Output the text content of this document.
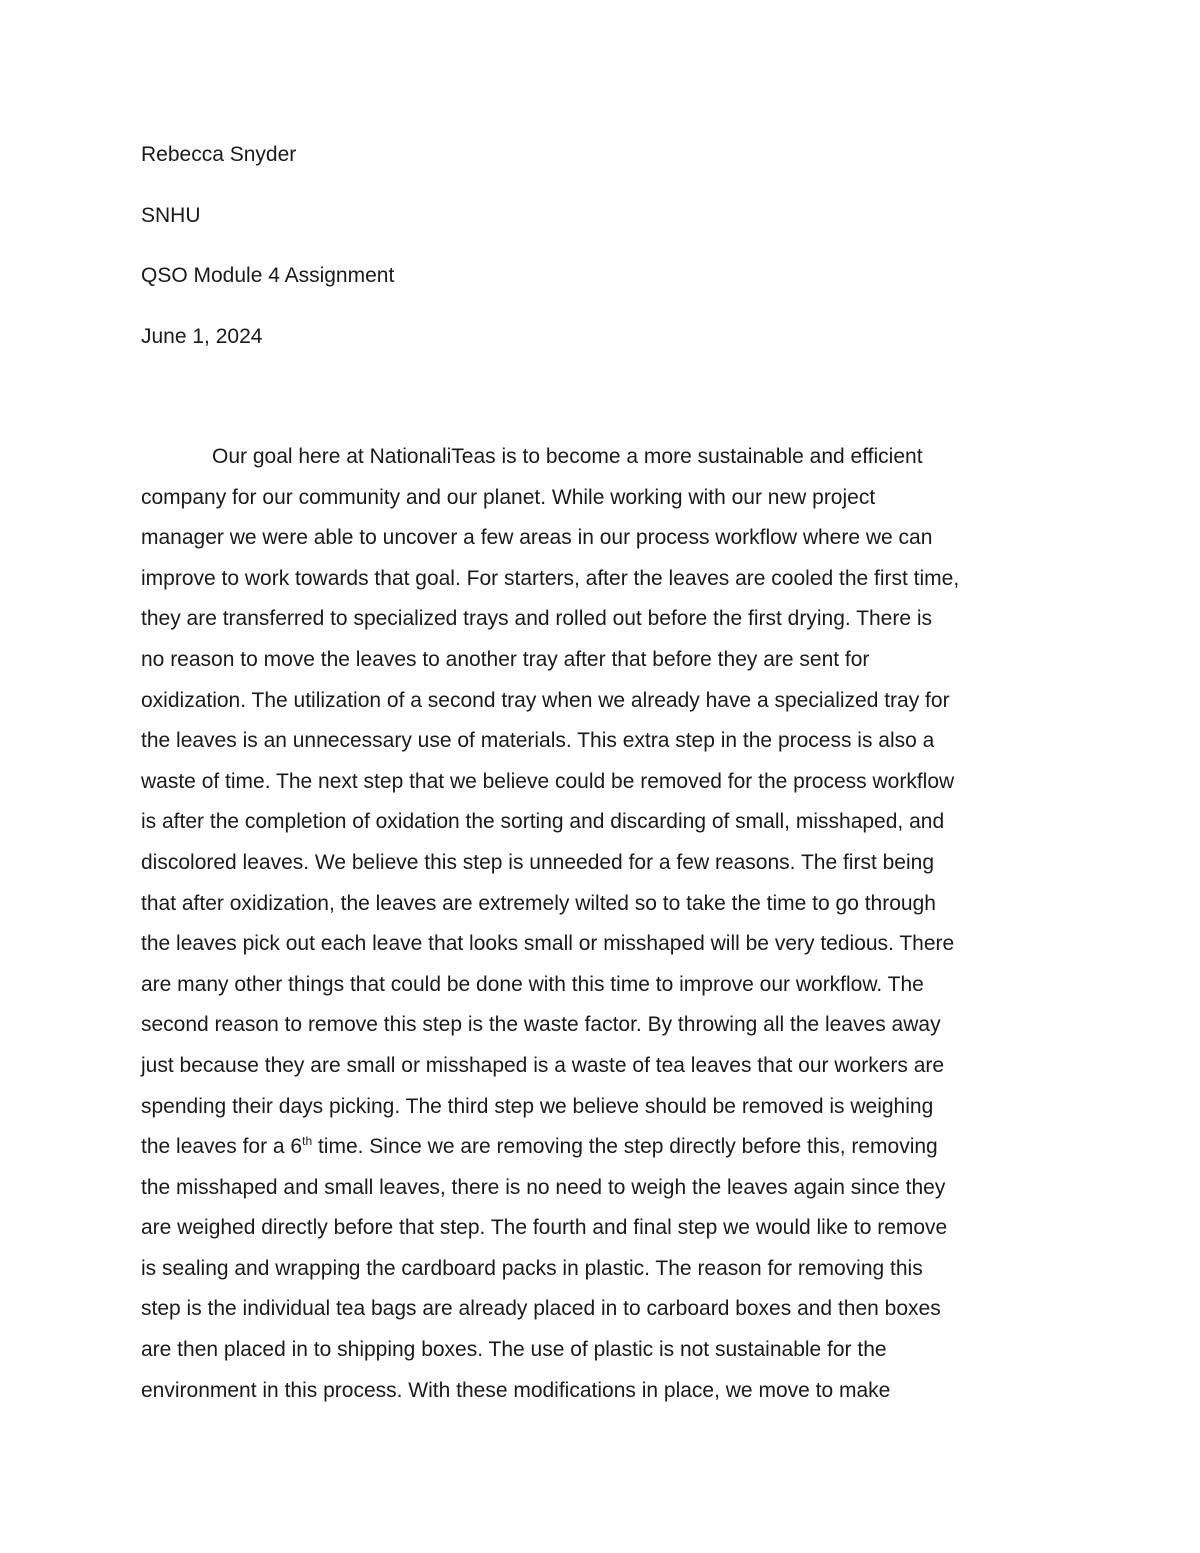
Rebecca Snyder
SNHU
QSO Module 4 Assignment
June 1, 2024
Our goal here at NationaliTeas is to become a more sustainable and efficient
company for our community and our planet. While working with our new project
manager we were able to uncover a few areas in our process workflow where we can
improve to work towards that goal. For starters, after the leaves are cooled the first time,
they are transferred to specialized trays and rolled out before the first drying. There is
no reason to move the leaves to another tray after that before they are sent for
oxidization. The utilization of a second tray when we already have a specialized tray for
the leaves is an unnecessary use of materials. This extra step in the process is also a
waste of time. The next step that we believe could be removed for the process workflow
is after the completion of oxidation the sorting and discarding of small, misshaped, and
discolored leaves. We believe this step is unneeded for a few reasons. The first being
that after oxidization, the leaves are extremely wilted so to take the time to go through
the leaves pick out each leave that looks small or misshaped will be very tedious. There
are many other things that could be done with this time to improve our workflow. The
second reason to remove this step is the waste factor. By throwing all the leaves away
just because they are small or misshaped is a waste of tea leaves that our workers are
spending their days picking. The third step we believe should be removed is weighing
the leaves for a 6th time. Since we are removing the step directly before this, removing
the misshaped and small leaves, there is no need to weigh the leaves again since they
are weighed directly before that step. The fourth and final step we would like to remove
is sealing and wrapping the cardboard packs in plastic. The reason for removing this
step is the individual tea bags are already placed in to carboard boxes and then boxes
are then placed in to shipping boxes. The use of plastic is not sustainable for the
environment in this process. With these modifications in place, we move to make
